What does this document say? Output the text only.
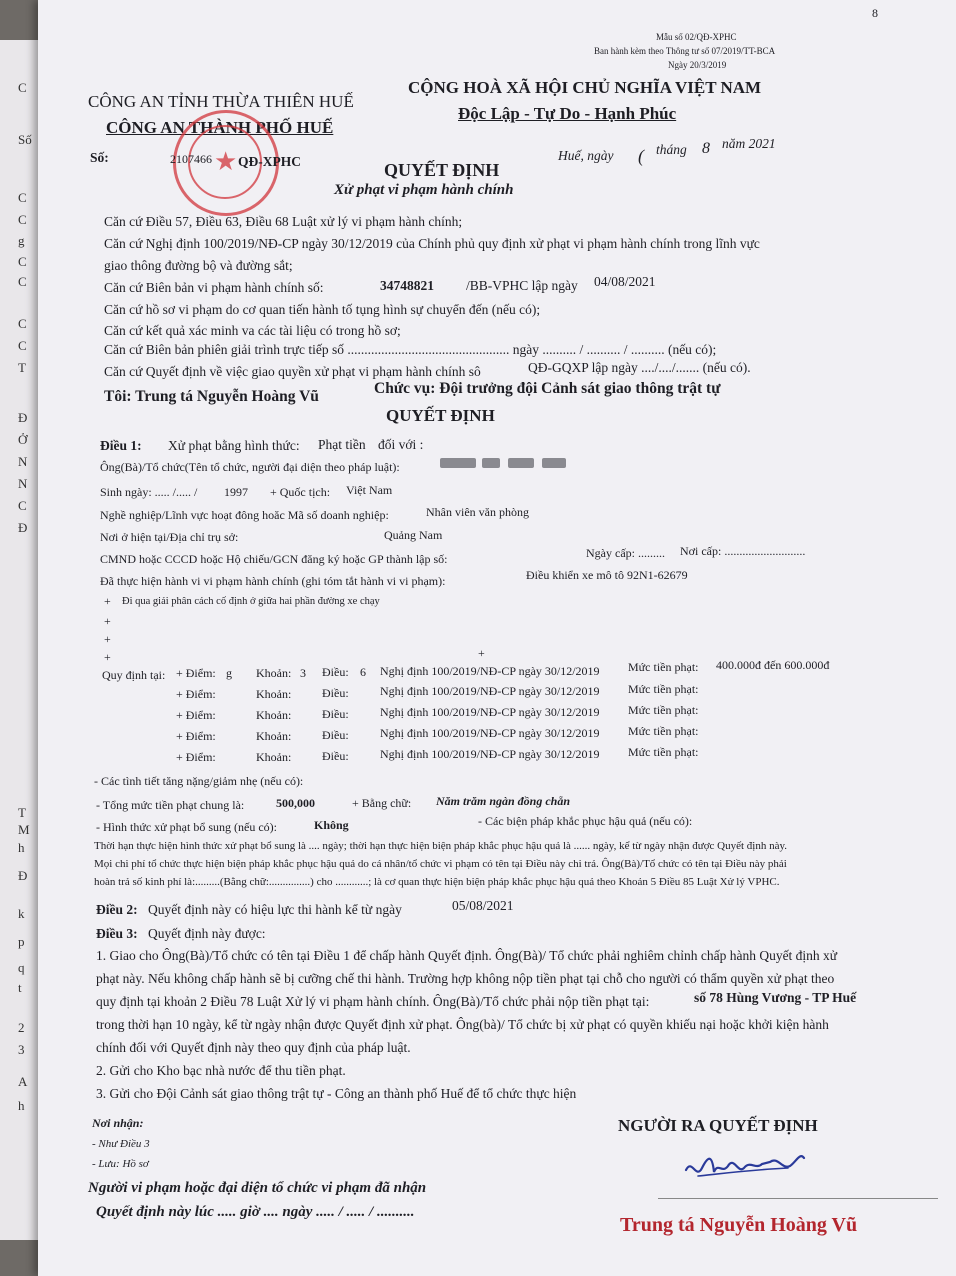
C
Số
C
C
g
C
C
C
C
T
Đ
Ở
N
N
C
Đ
T
M
h
Đ
k
p
q
t
2
3
A
h
8
Mẫu số 02/QĐ-XPHC
Ban hành kèm theo Thông tư số 07/2019/TT-BCA
Ngày 20/3/2019
CÔNG AN TỈNH THỪA THIÊN HUẾ
CÔNG AN THÀNH PHỐ HUẾ
CỘNG HOÀ XÃ HỘI CHỦ NGHĨA VIỆT NAM
Độc Lập - Tự Do - Hạnh Phúc
★
Số:	2107466 QĐ-XPHC	Huế, ngày ( tháng 8 năm 2021
QUYẾT ĐỊNH
Xử phạt vi phạm hành chính
Căn cứ Điều 57, Điều 63, Điều 68 Luật xử lý vi phạm hành chính;
Căn cứ Nghị định 100/2019/NĐ-CP ngày 30/12/2019 của Chính phủ quy định xử phạt vi phạm hành chính trong lĩnh vực
giao thông đường bộ và đường sắt;
Căn cứ Biên bản vi phạm hành chính số:	34748821 /BB-VPHC lập ngày 04/08/2021
Căn cứ hồ sơ vi phạm do cơ quan tiến hành tố tụng hình sự chuyển đến (nếu có);
Căn cứ kết quả xác minh va các tài liệu có trong hồ sơ;
Căn cứ Biên bản phiên giải trình trực tiếp số ................................................ ngày .......... / .......... / .......... (nếu có);
Căn cứ Quyết định về việc giao quyền xử phạt vi phạm hành chính sô	QĐ-GQXP lập ngày ..../..../....... (nếu có).
Tôi: Trung tá Nguyễn Hoàng Vũ	Chức vụ: Đội trưởng đội Cảnh sát giao thông trật tự
QUYẾT ĐỊNH
Điều 1: Xử phạt bằng hình thức: Phạt tiền đối với :
Ông(Bà)/Tổ chức(Tên tổ chức, người đại diện theo pháp luật):
Sinh ngày: ..... /..... / 1997 + Quốc tịch: Việt Nam
Nghề nghiệp/Lĩnh vực hoạt đông hoăc Mã số doanh nghiệp:	Nhân viên văn phòng
Nơi ở hiện tại/Địa chỉ trụ sở:	Quảng Nam
CMND hoặc CCCD hoặc Hộ chiếu/GCN đăng ký hoặc GP thành lập số:	Ngày cấp: ......... Nơi cấp: ...........................
Đã thực hiện hành vi vi phạm hành chính (ghi tóm tắt hành vi vi phạm):	Điều khiển xe mô tô 92N1-62679
+ Đi qua giải phân cách cố định ở giữa hai phần đường xe chạy
+
+
+	+
Quy định tại: + Điểm: g Khoản: 3 Điều: 6 Nghị định 100/2019/NĐ-CP ngày 30/12/2019 Mức tiền phạt: 400.000đ đến 600.000đ
+ Điểm:	Khoản:	Điều:	Nghị định 100/2019/NĐ-CP ngày 30/12/2019 Mức tiền phạt:
+ Điểm:	Khoản:	Điều:	Nghị định 100/2019/NĐ-CP ngày 30/12/2019 Mức tiền phạt:
+ Điểm:	Khoản:	Điều:	Nghị định 100/2019/NĐ-CP ngày 30/12/2019 Mức tiền phạt:
+ Điểm:	Khoản:	Điều:	Nghị định 100/2019/NĐ-CP ngày 30/12/2019 Mức tiền phạt:
- Các tình tiết tăng nặng/giảm nhẹ (nếu có):
- Tổng mức tiền phạt chung là:	500,000	+ Bằng chữ: Năm trăm ngàn đồng chẵn
- Hình thức xử phạt bổ sung (nếu có):	Không	- Các biện pháp khắc phục hậu quả (nếu có):
Thời hạn thực hiện hình thức xử phạt bổ sung là .... ngày; thời hạn thực hiện biện pháp khắc phục hậu quả là ...... ngày, kể từ ngày nhận được Quyết định này.
Mọi chi phí tổ chức thực hiện biện pháp khắc phục hậu quả do cá nhân/tổ chức vi phạm có tên tại Điều này chi trả. Ông(Bà)/Tổ chức có tên tại Điều này phải
hoàn trả số kinh phí là:.........(Bằng chữ:...............) cho ............; là cơ quan thực hiện biện pháp khắc phục hậu quả theo Khoản 5 Điều 85 Luật Xử lý VPHC.
Điều 2: Quyết định này có hiệu lực thi hành kể từ ngày	05/08/2021
Điều 3: Quyết định này được:
1. Giao cho Ông(Bà)/Tổ chức có tên tại Điều 1 để chấp hành Quyết định. Ông(Bà)/ Tổ chức phải nghiêm chỉnh chấp hành Quyết định xử
phạt này. Nếu không chấp hành sẽ bị cưỡng chế thi hành. Trường hợp không nộp tiền phạt tại chỗ cho người có thẩm quyền xử phạt theo
quy định tại khoản 2 Điều 78 Luật Xử lý vi phạm hành chính. Ông(Bà)/Tổ chức phải nộp tiền phạt tại:	số 78 Hùng Vương - TP Huế
trong thời hạn 10 ngày, kể từ ngày nhận được Quyết định xử phạt. Ông(bà)/ Tổ chức bị xử phạt có quyền khiếu nại hoặc khởi kiện hành
chính đối với Quyết định này theo quy định của pháp luật.
2. Gửi cho Kho bạc nhà nước để thu tiền phạt.
3. Gửi cho Đội Cảnh sát giao thông trật tự - Công an thành phố Huế để tổ chức thực hiện
Nơi nhận:
- Như Điều 3
- Lưu: Hồ sơ
Người vi phạm hoặc đại diện tổ chức vi phạm đã nhận
Quyết định này lúc ..... giờ .... ngày ..... / ..... / ..........
NGƯỜI RA QUYẾT ĐỊNH
Trung tá Nguyễn Hoàng Vũ
